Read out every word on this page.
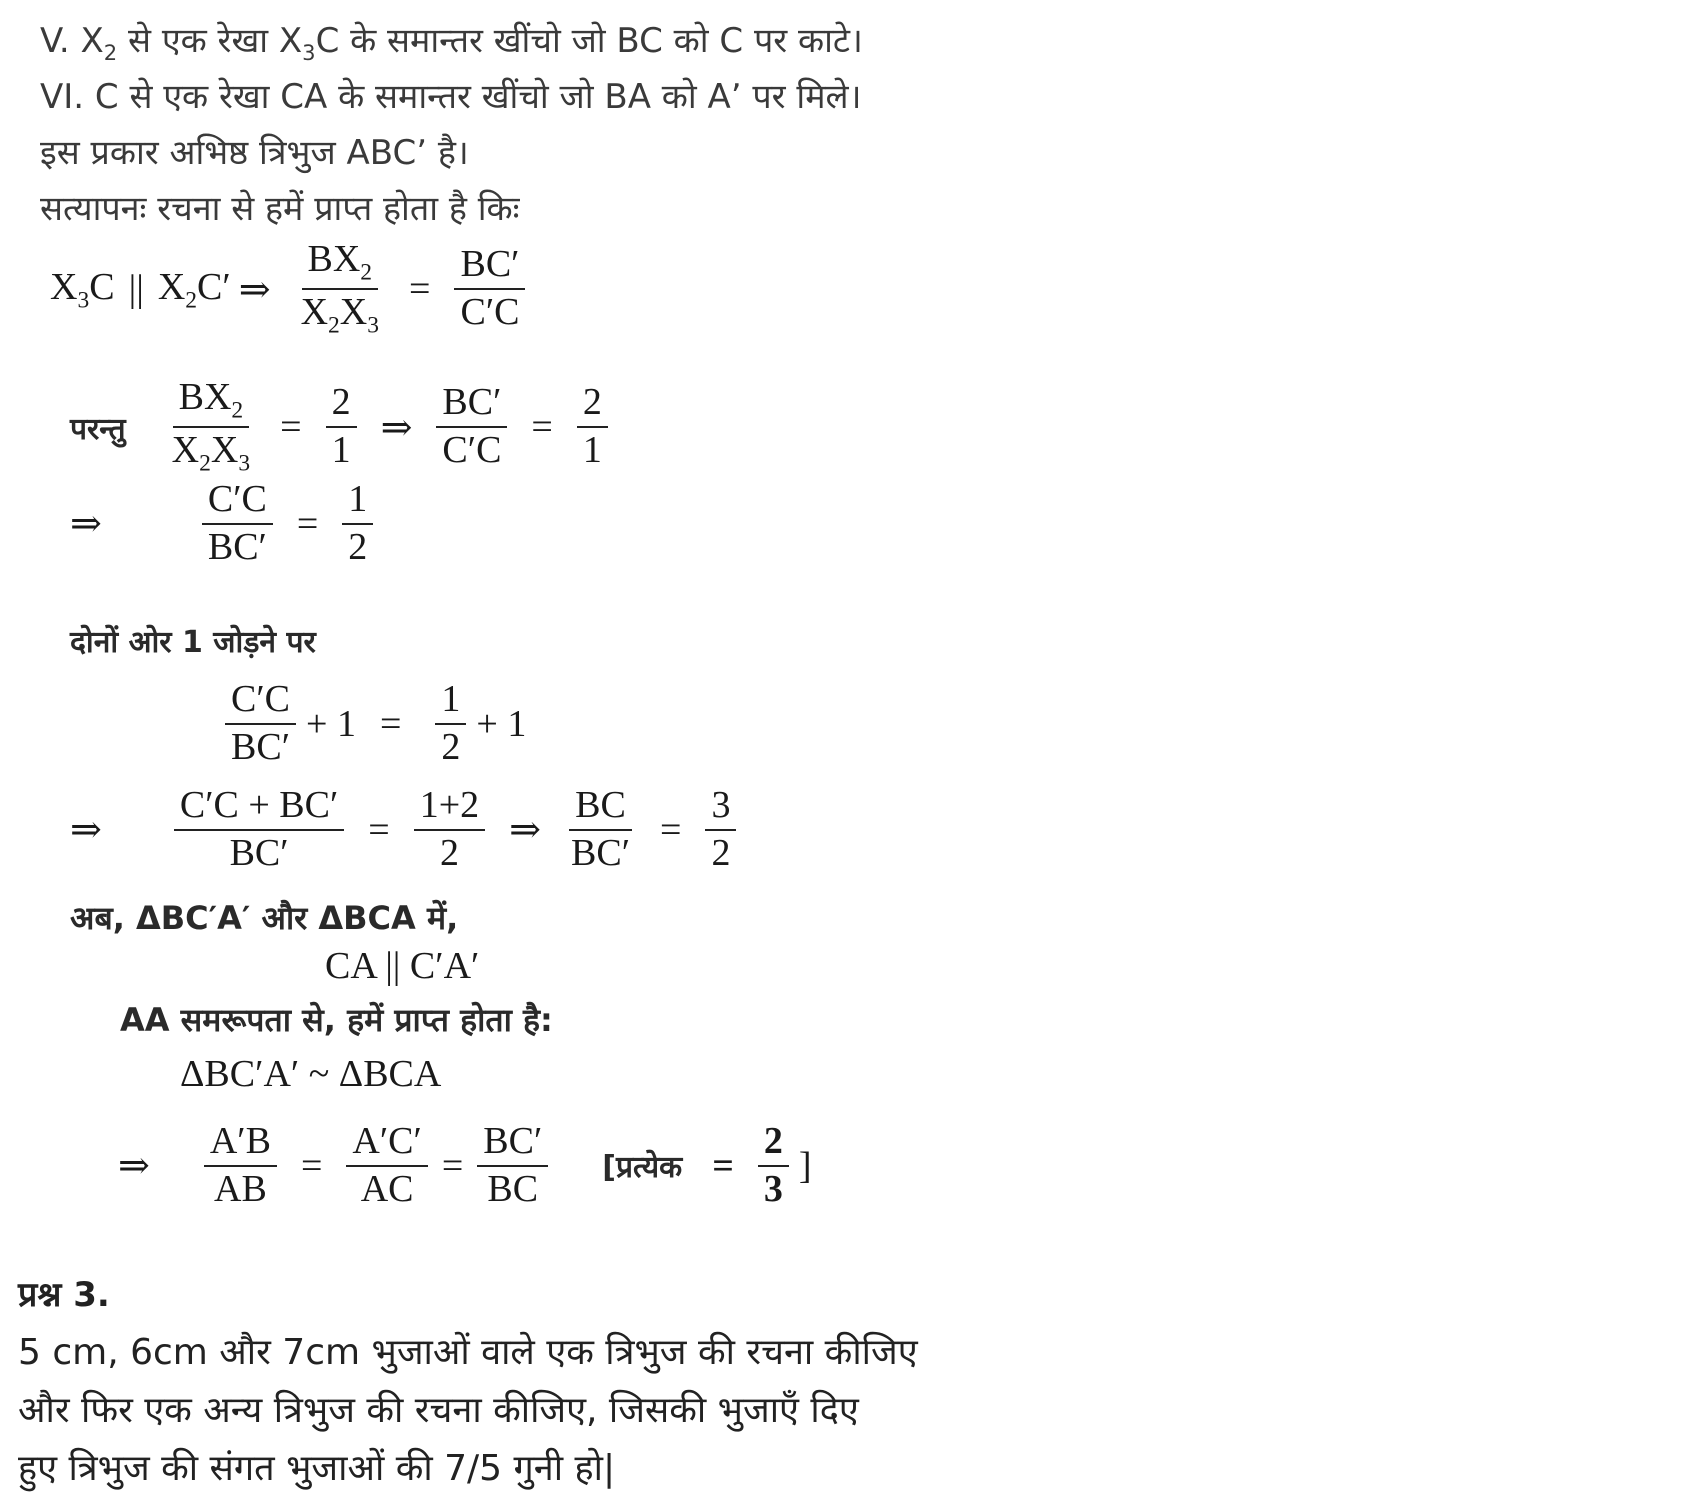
V. $X_2$ से एक रेखा $X_3C$ के समान्तर खींचो जो BC को C पर काटे।
VI. C से एक रेखा CA के समान्तर खींचो जो BA को A’ पर मिले।
इस प्रकार अभिष्ठ त्रिभुज ABC’ है।
सत्यापनः रचना से हमें प्राप्त होता है किः
$X_3C$ || $X_2C'$ ⇒ $\frac{BX_2}{X_2X_3} = \frac{BC'}{C'C}$
परन्तु $\frac{BX_2}{X_2X_3} = \frac{2}{1}$ ⇒ $\frac{BC'}{C'C} = \frac{2}{1}$
⇒	$\frac{C'C}{BC'} = \frac{1}{2}$
दोनों ओर 1 जोड़ने पर
$\frac{C'C}{BC'} + 1 = \frac{1}{2} + 1$
⇒ $\frac{C'C + BC'}{BC'} = \frac{1+2}{2}$ ⇒ $\frac{BC}{BC'} = \frac{3}{2}$
अब, ΔBC′A′ और ΔBCA में,
CA || C′A′
AA समरूपता से, हमें प्राप्त होता है:
ΔBC′A′ ~ ΔBCA
⇒ $\frac{A'B}{AB} = \frac{A'C'}{AC} = \frac{BC'}{BC}$ [प्रत्येक = $\frac{2}{3}$ ]
प्रश्न 3.
5 cm, 6cm और 7cm भुजाओं वाले एक त्रिभुज की रचना कीजिए
और फिर एक अन्य त्रिभुज की रचना कीजिए, जिसकी भुजाएँ दिए
हुए त्रिभुज की संगत भुजाओं की 7/5 गुनी हो|
